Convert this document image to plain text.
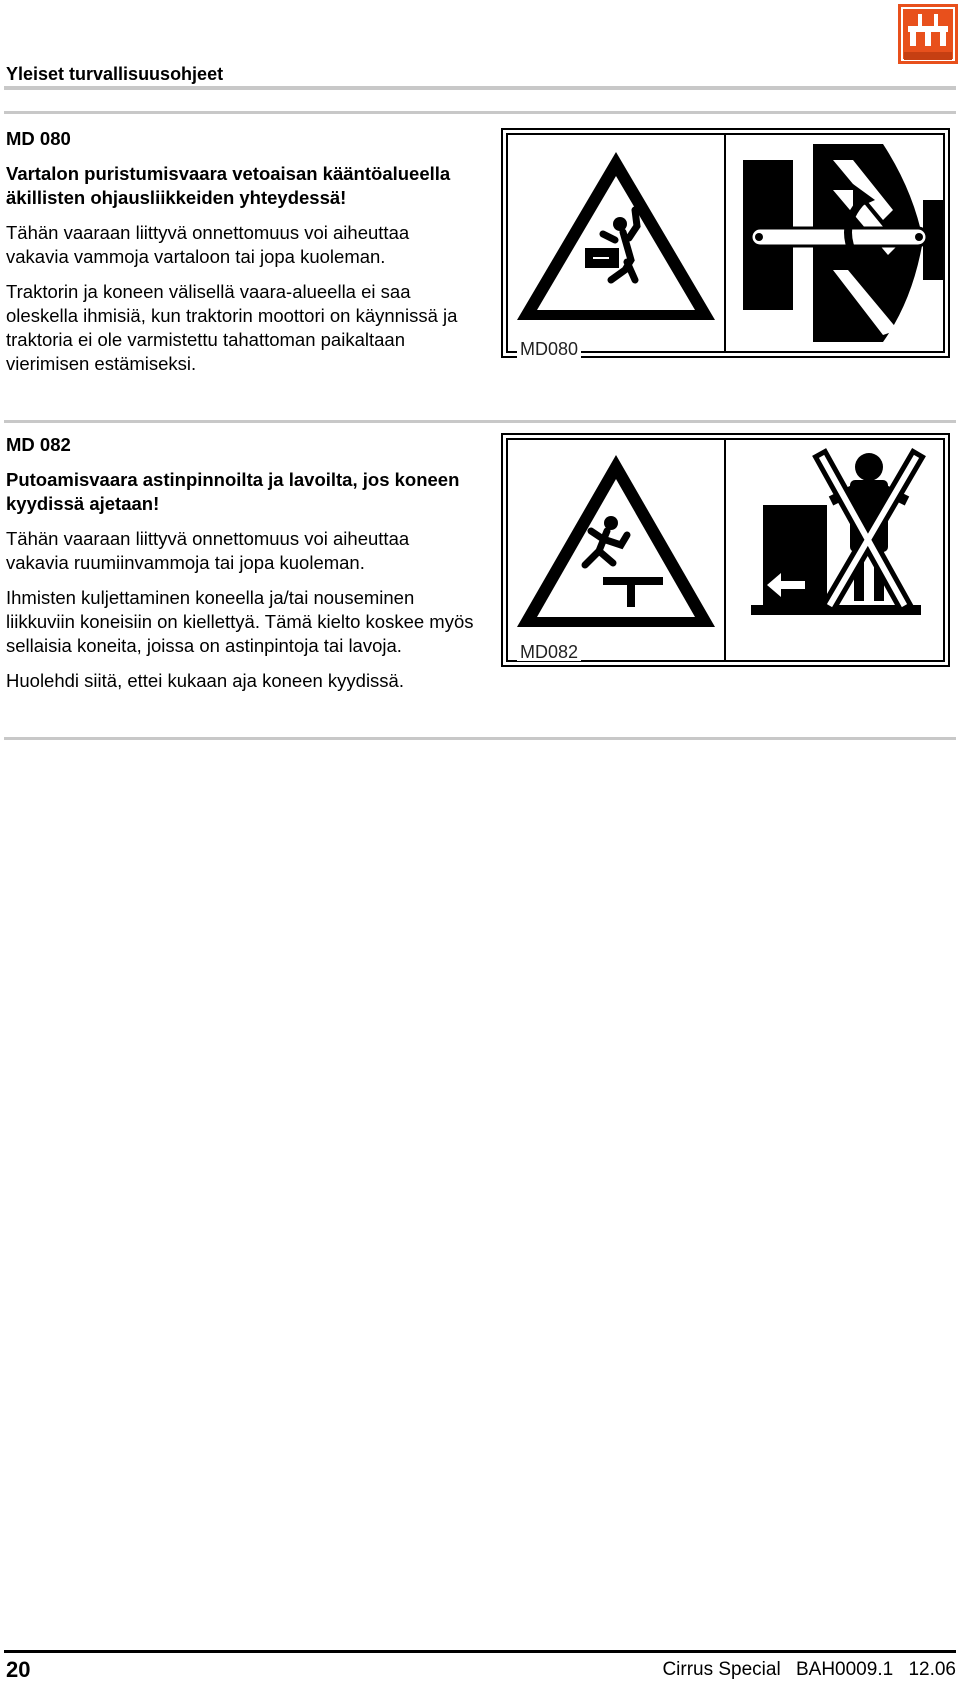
Yleiset turvallisuusohjeet

MD 080

Vartalon puristumisvaara vetoaisan kääntöalueella äkillisten ohjausliikkeiden yhteydessä!

Tähän vaaraan liittyvä onnettomuus voi aiheuttaa vakavia vammoja vartaloon tai jopa kuoleman.

Traktorin ja koneen välisellä vaara-alueella ei saa oleskella ihmisiä, kun traktorin moottori on käynnissä ja traktoria ei ole varmistettu tahattoman paikaltaan vierimisen estämiseksi.

MD080

MD 082

Putoamisvaara astinpinnoilta ja lavoilta, jos koneen kyydissä ajetaan!

Tähän vaaraan liittyvä onnettomuus voi aiheuttaa vakavia ruumiinvammoja tai jopa kuoleman.

Ihmisten kuljettaminen koneella ja/tai nouseminen liikkuviin koneisiin on kiellettyä. Tämä kielto koskee myös sellaisia koneita, joissa on astinpintoja tai lavoja.

Huolehdi siitä, ettei kukaan aja koneen kyydissä.

MD082
20	Cirrus Special BAH0009.1 12.06
